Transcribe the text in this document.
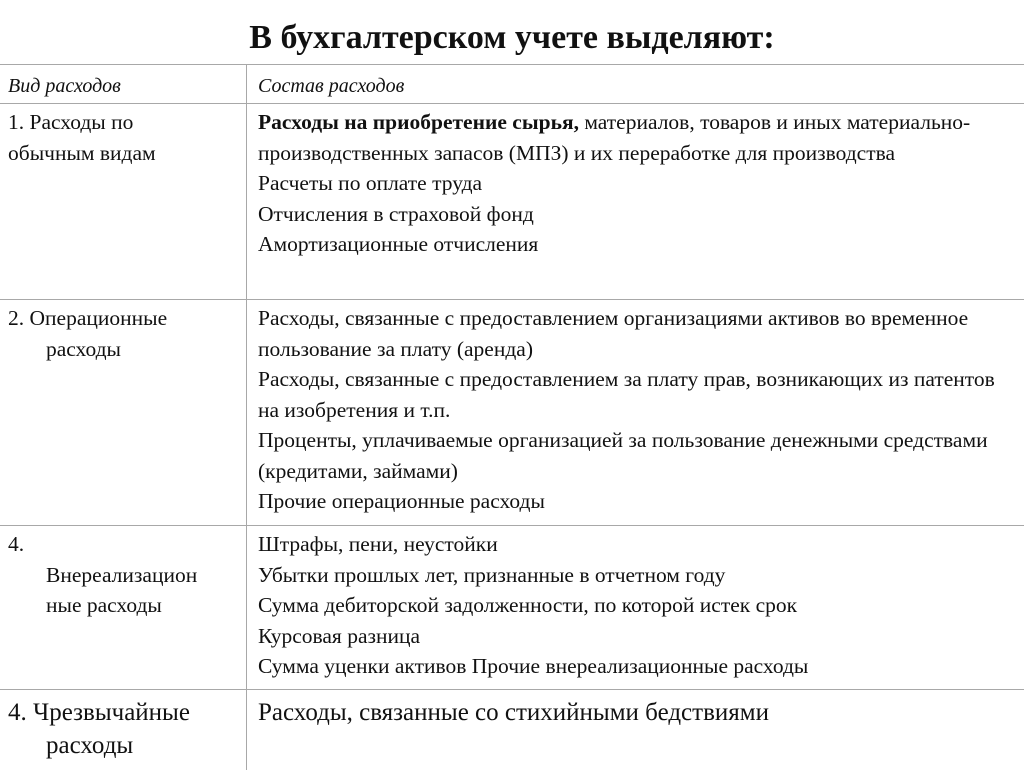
В бухгалтерском учете выделяют:
Вид расходов	Состав расходов
1. Расходы по
обычным видам
Расходы на приобретение сырья, материалов, товаров и иных материально-производственных запасов (МПЗ) и их переработке для производства
Расчеты по оплате труда
Отчисления в страховой фонд
Амортизационные отчисления
2. Операционные
расходы
Расходы, связанные с предоставлением организациями активов во временное пользование за плату (аренда)
Расходы, связанные с предоставлением за плату прав, возникающих из патентов на изобретения и т.п.
Проценты, уплачиваемые организацией за пользование денежными средствами (кредитами, займами)
Прочие операционные расходы
4.
Внереализацион
ные расходы
Штрафы, пени, неустойки
Убытки прошлых лет, признанные в отчетном году
Сумма дебиторской задолженности, по которой истек срок
Курсовая разница
Сумма уценки активов Прочие внереализационные расходы
4. Чрезвычайные
расходы
Расходы, связанные со стихийными бедствиями
